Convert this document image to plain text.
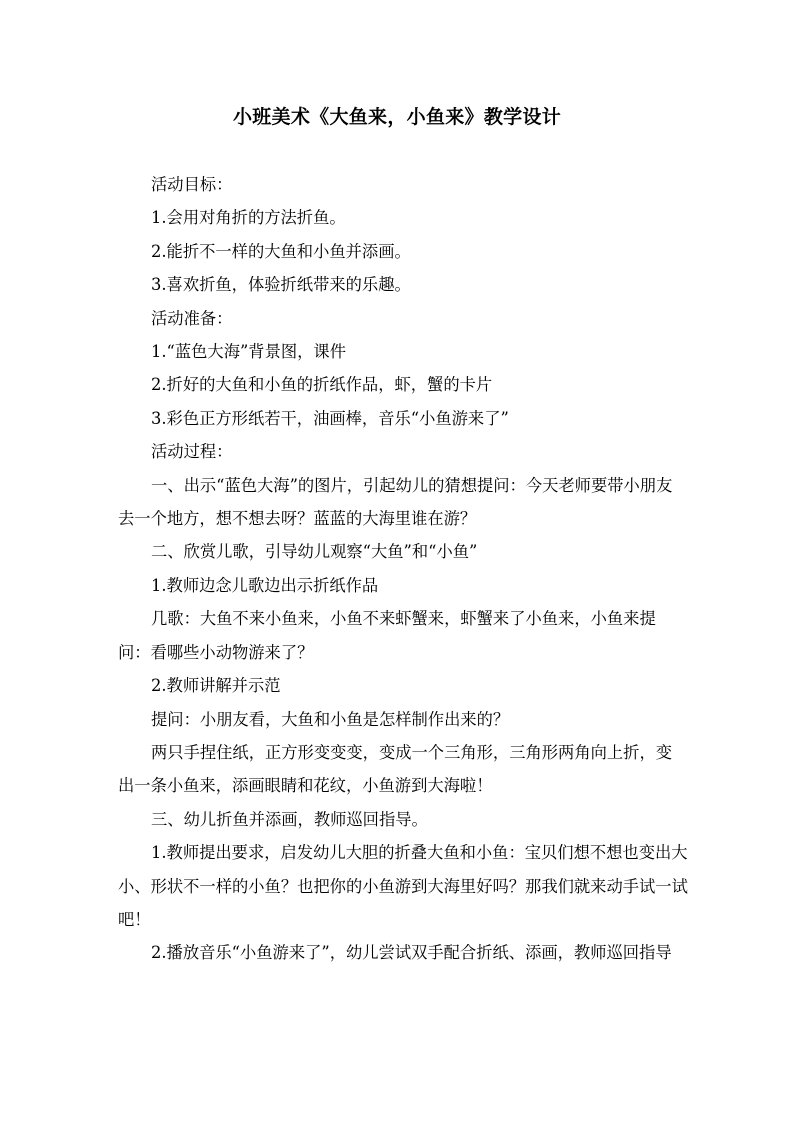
小班美术《大鱼来，小鱼来》教学设计

活动目标：

1.会用对角折的方法折鱼。

2.能折不一样的大鱼和小鱼并添画。

3.喜欢折鱼，体验折纸带来的乐趣。

活动准备：

1.“蓝色大海”背景图，课件

2.折好的大鱼和小鱼的折纸作品，虾，蟹的卡片

3.彩色正方形纸若干，油画棒，音乐“小鱼游来了”

活动过程：

一、出示“蓝色大海”的图片，引起幼儿的猜想提问：今天老师要带小朋友去一个地方，想不想去呀？蓝蓝的大海里谁在游？

二、欣赏儿歌，引导幼儿观察“大鱼”和“小鱼”

1.教师边念儿歌边出示折纸作品

几歌：大鱼不来小鱼来，小鱼不来虾蟹来，虾蟹来了小鱼来，小鱼来提问：看哪些小动物游来了？

2.教师讲解并示范

提问：小朋友看，大鱼和小鱼是怎样制作出来的？

两只手捏住纸，正方形变变变，变成一个三角形，三角形两角向上折，变出一条小鱼来，添画眼睛和花纹，小鱼游到大海啦！

三、幼儿折鱼并添画，教师巡回指导。

1.教师提出要求，启发幼儿大胆的折叠大鱼和小鱼：宝贝们想不想也变出大小、形状不一样的小鱼？也把你的小鱼游到大海里好吗？那我们就来动手试一试吧！

2.播放音乐“小鱼游来了”，幼儿尝试双手配合折纸、添画，教师巡回指导
